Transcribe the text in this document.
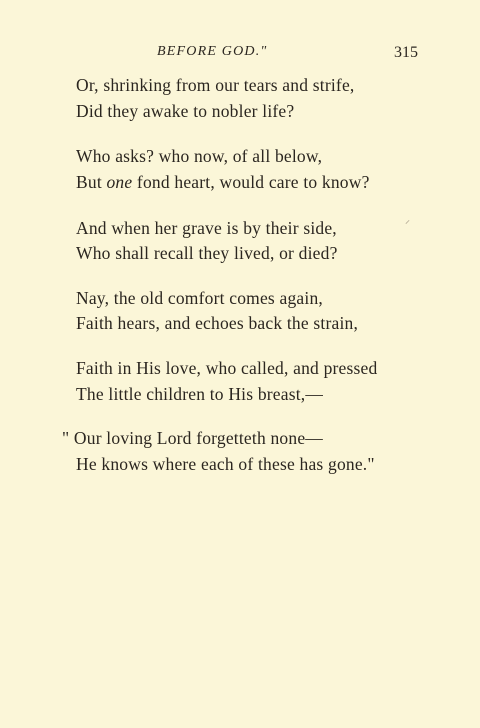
BEFORE GOD."	315
Or, shrinking from our tears and strife,
Did they awake to nobler life?
Who asks? who now, of all below,
But one fond heart, would care to know?
And when her grave is by their side,
Who shall recall they lived, or died?
Nay, the old comfort comes again,
Faith hears, and echoes back the strain,
Faith in His love, who called, and pressed
The little children to His breast,—
" Our loving Lord forgetteth none—
He knows where each of these has gone."
⸝
